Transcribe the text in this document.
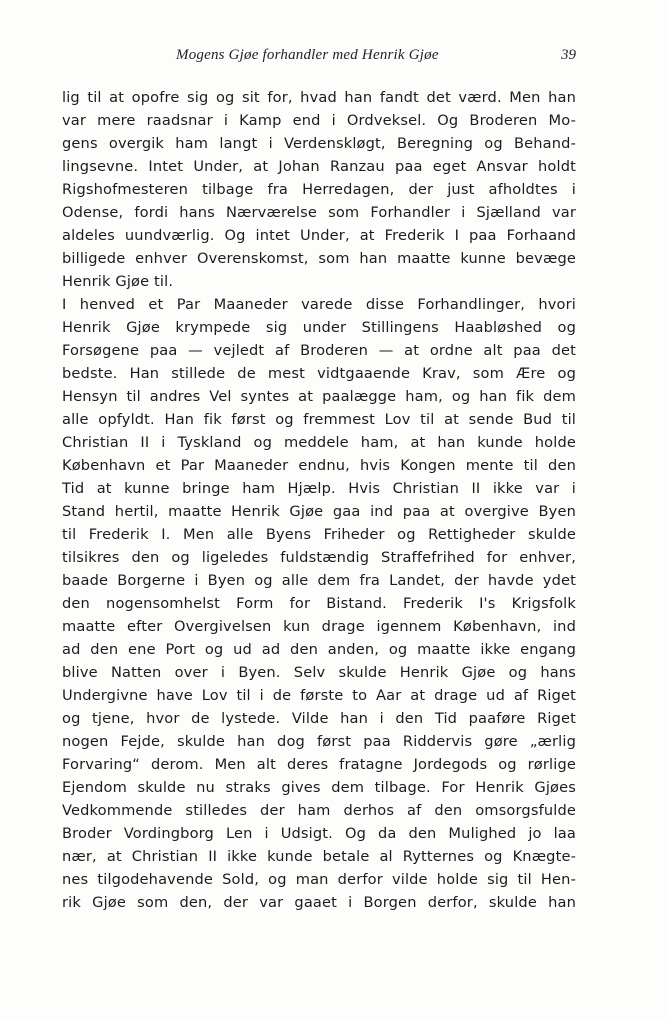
Mogens Gjøe forhandler med Henrik Gjøe	39
lig til at opofre sig og sit for, hvad han fandt det værd. Men han
var mere raadsnar i Kamp end i Ordveksel. Og Broderen Mo-
gens overgik ham langt i Verdenskløgt, Beregning og Behand-
lingsevne. Intet Under, at Johan Ranzau paa eget Ansvar holdt
Rigshofmesteren tilbage fra Herredagen, der just afholdtes i
Odense, fordi hans Nærværelse som Forhandler i Sjælland var
aldeles uundværlig. Og intet Under, at Frederik I paa Forhaand
billigede enhver Overenskomst, som han maatte kunne bevæge
Henrik Gjøe til.
I henved et Par Maaneder varede disse Forhandlinger, hvori
Henrik Gjøe krympede sig under Stillingens Haabløshed og
Forsøgene paa — vejledt af Broderen — at ordne alt paa det
bedste. Han stillede de mest vidtgaaende Krav, som Ære og
Hensyn til andres Vel syntes at paalægge ham, og han fik dem
alle opfyldt. Han fik først og fremmest Lov til at sende Bud til
Christian II i Tyskland og meddele ham, at han kunde holde
København et Par Maaneder endnu, hvis Kongen mente til den
Tid at kunne bringe ham Hjælp. Hvis Christian II ikke var i
Stand hertil, maatte Henrik Gjøe gaa ind paa at overgive Byen
til Frederik I. Men alle Byens Friheder og Rettigheder skulde
tilsikres den og ligeledes fuldstændig Straffefrihed for enhver,
baade Borgerne i Byen og alle dem fra Landet, der havde ydet
den nogensomhelst Form for Bistand. Frederik I's Krigsfolk
maatte efter Overgivelsen kun drage igennem København, ind
ad den ene Port og ud ad den anden, og maatte ikke engang
blive Natten over i Byen. Selv skulde Henrik Gjøe og hans
Undergivne have Lov til i de første to Aar at drage ud af Riget
og tjene, hvor de lystede. Vilde han i den Tid paaføre Riget
nogen Fejde, skulde han dog først paa Riddervis gøre „ærlig
Forvaring“ derom. Men alt deres fratagne Jordegods og rørlige
Ejendom skulde nu straks gives dem tilbage. For Henrik Gjøes
Vedkommende stilledes der ham derhos af den omsorgsfulde
Broder Vordingborg Len i Udsigt. Og da den Mulighed jo laa
nær, at Christian II ikke kunde betale al Rytternes og Knægte-
nes tilgodehavende Sold, og man derfor vilde holde sig til Hen-
rik Gjøe som den, der var gaaet i Borgen derfor, skulde han
